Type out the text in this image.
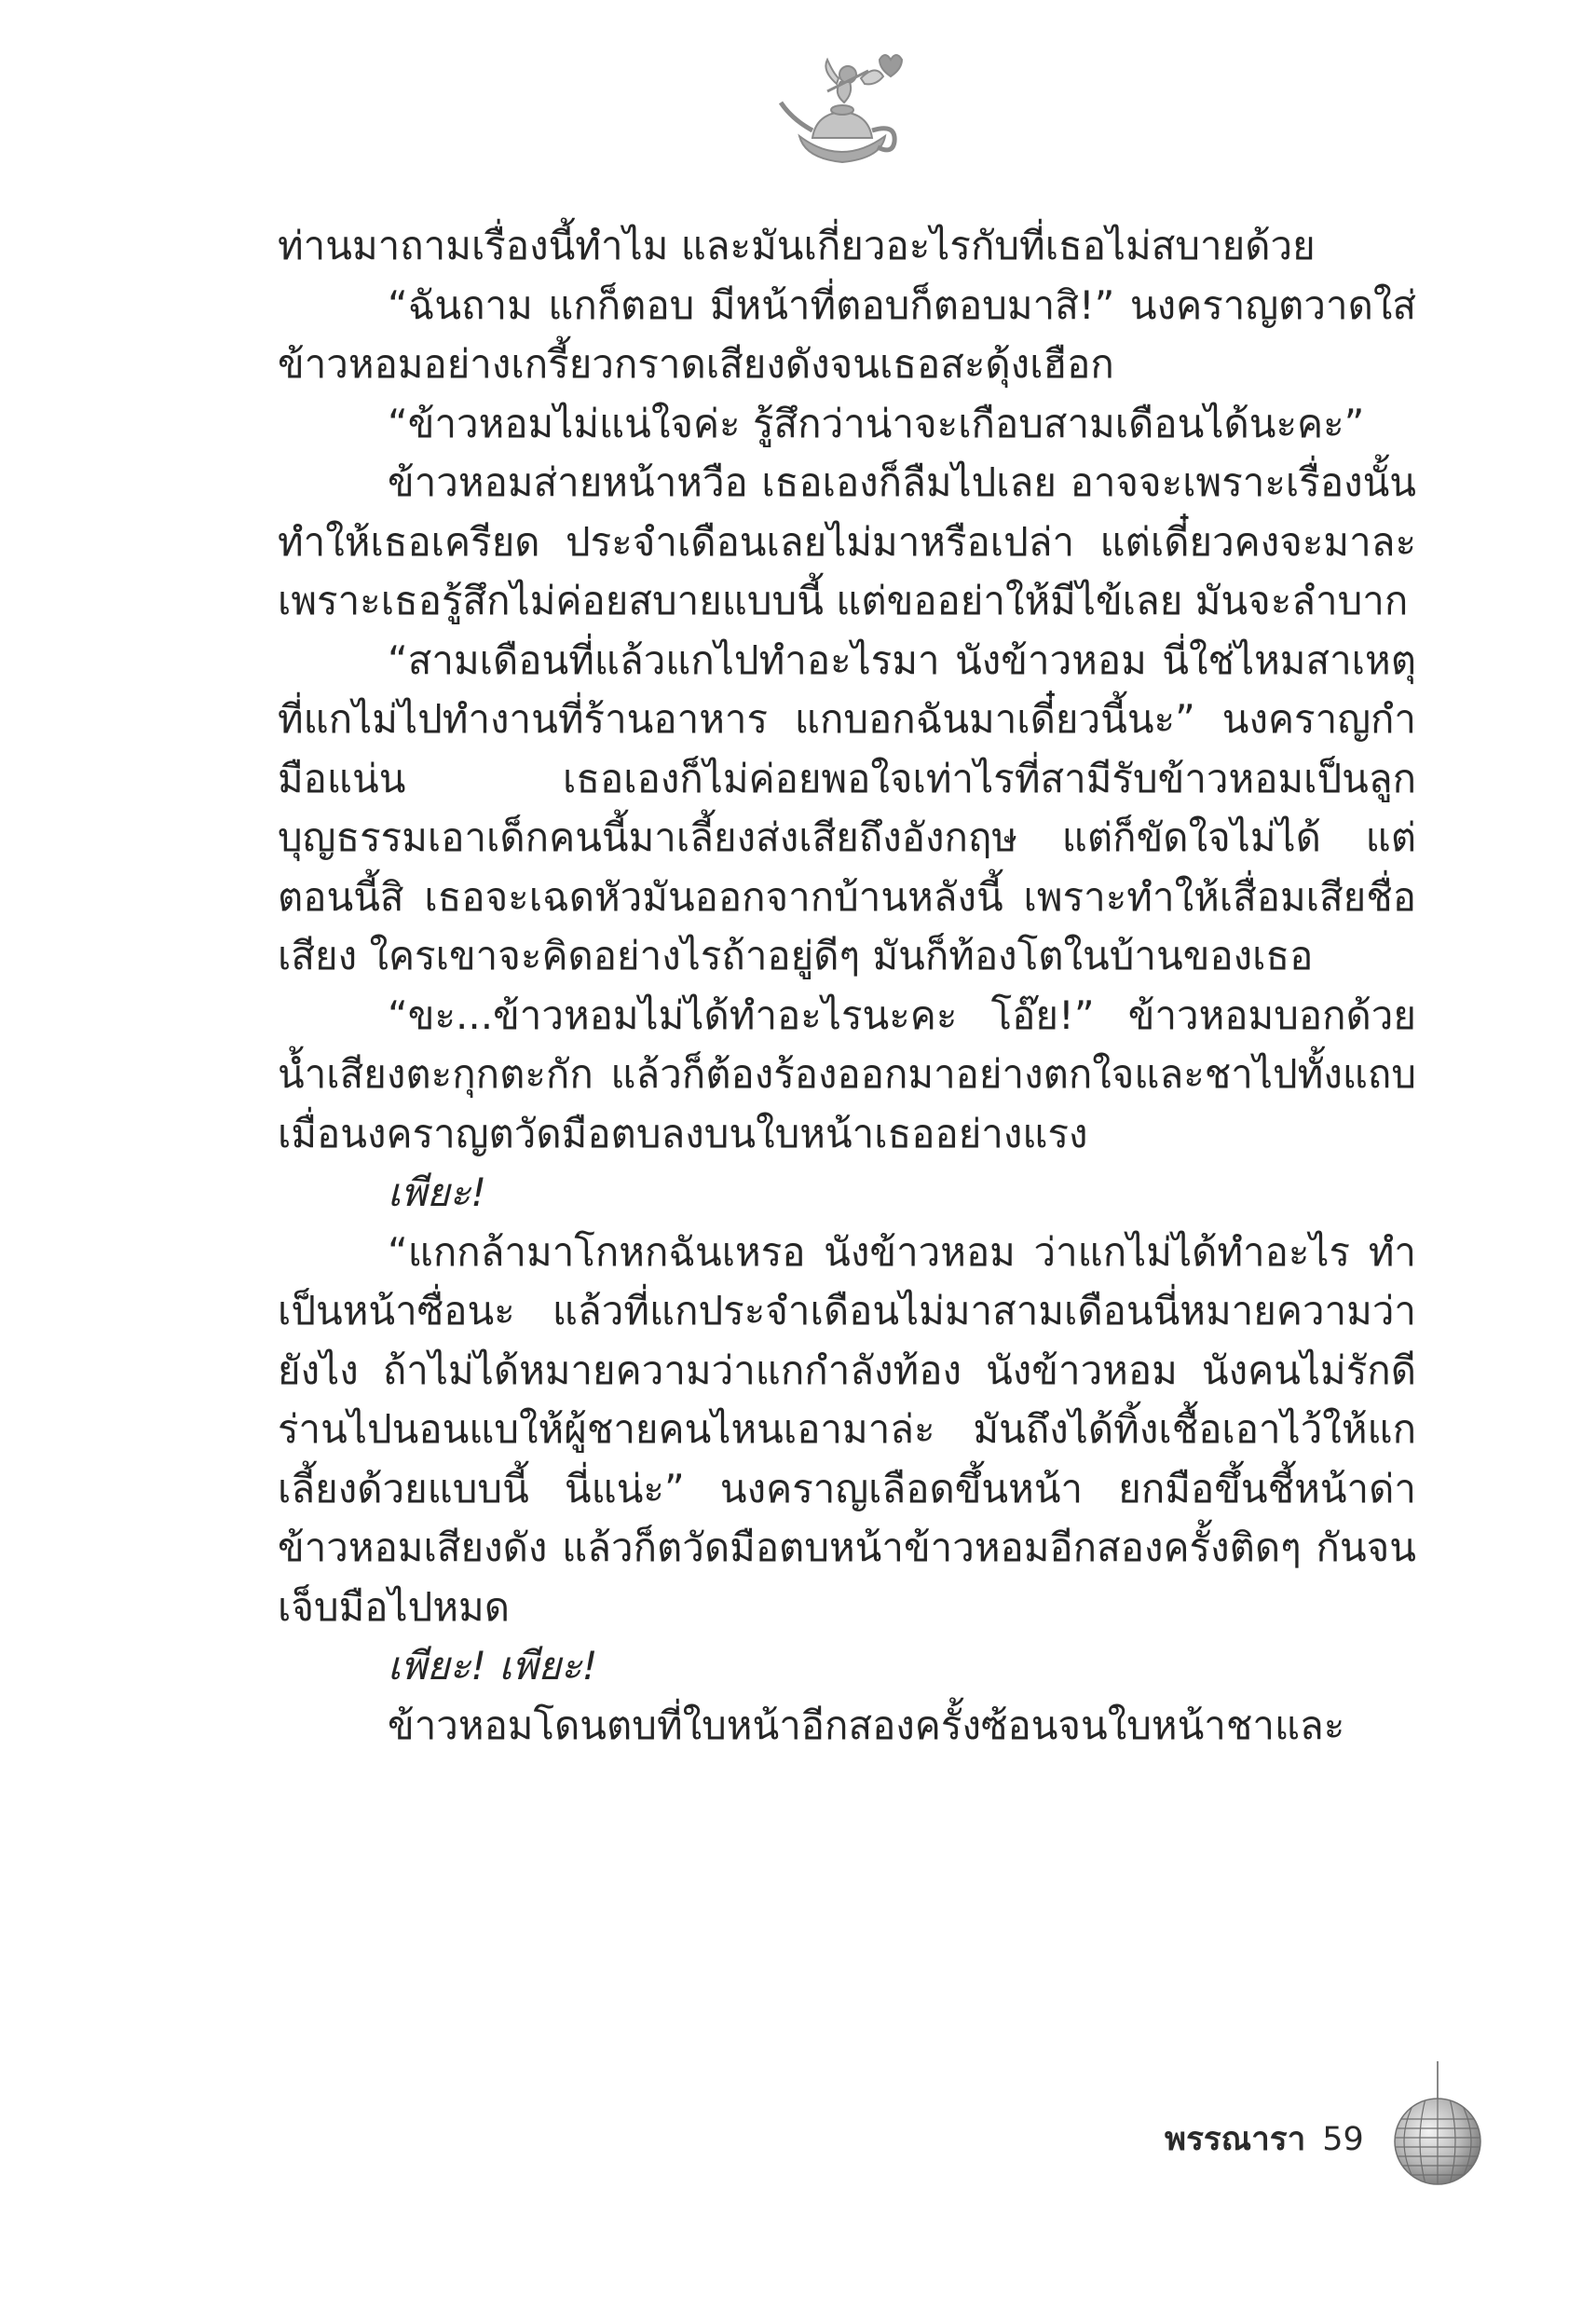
ท่านมาถามเรื่องนี้ทำไม และมันเกี่ยวอะไรกับที่เธอไม่สบายด้วย

“ฉันถาม แกก็ตอบ มีหน้าที่ตอบก็ตอบมาสิ!” นงคราญตวาดใส่ข้าวหอมอย่างเกรี้ยวกราดเสียงดังจนเธอสะดุ้งเฮือก

“ข้าวหอมไม่แน่ใจค่ะ รู้สึกว่าน่าจะเกือบสามเดือนได้นะคะ”

ข้าวหอมส่ายหน้าหวือ เธอเองก็ลืมไปเลย อาจจะเพราะเรื่องนั้นทำให้เธอเครียด ประจำเดือนเลยไม่มาหรือเปล่า แต่เดี๋ยวคงจะมาละเพราะเธอรู้สึกไม่ค่อยสบายแบบนี้ แต่ขออย่าให้มีไข้เลย มันจะลำบาก

“สามเดือนที่แล้วแกไปทำอะไรมา นังข้าวหอม นี่ใช่ไหมสาเหตุที่แกไม่ไปทำงานที่ร้านอาหาร แกบอกฉันมาเดี๋ยวนี้นะ” นงคราญกำมือแน่น เธอเองก็ไม่ค่อยพอใจเท่าไรที่สามีรับข้าวหอมเป็นลูกบุญธรรมเอาเด็กคนนี้มาเลี้ยงส่งเสียถึงอังกฤษ แต่ก็ขัดใจไม่ได้ แต่ตอนนี้สิ เธอจะเฉดหัวมันออกจากบ้านหลังนี้ เพราะทำให้เสื่อมเสียชื่อเสียง ใครเขาจะคิดอย่างไรถ้าอยู่ดีๆ มันก็ท้องโตในบ้านของเธอ

“ขะ...ข้าวหอมไม่ได้ทำอะไรนะคะ โอ๊ย!” ข้าวหอมบอกด้วยน้ำเสียงตะกุกตะกัก แล้วก็ต้องร้องออกมาอย่างตกใจและชาไปทั้งแถบเมื่อนงคราญตวัดมือตบลงบนใบหน้าเธออย่างแรง

เพียะ!

“แกกล้ามาโกหกฉันเหรอ นังข้าวหอม ว่าแกไม่ได้ทำอะไร ทำเป็นหน้าซื่อนะ แล้วที่แกประจำเดือนไม่มาสามเดือนนี่หมายความว่ายังไง ถ้าไม่ได้หมายความว่าแกกำลังท้อง นังข้าวหอม นังคนไม่รักดี ร่านไปนอนแบให้ผู้ชายคนไหนเอามาล่ะ มันถึงได้ทิ้งเชื้อเอาไว้ให้แกเลี้ยงด้วยแบบนี้ นี่แน่ะ” นงคราญเลือดขึ้นหน้า ยกมือขึ้นชี้หน้าด่าข้าวหอมเสียงดัง แล้วก็ตวัดมือตบหน้าข้าวหอมอีกสองครั้งติดๆ กันจนเจ็บมือไปหมด

เพียะ! เพียะ!

ข้าวหอมโดนตบที่ใบหน้าอีกสองครั้งซ้อนจนใบหน้าชาและ

พรรณารา 59
